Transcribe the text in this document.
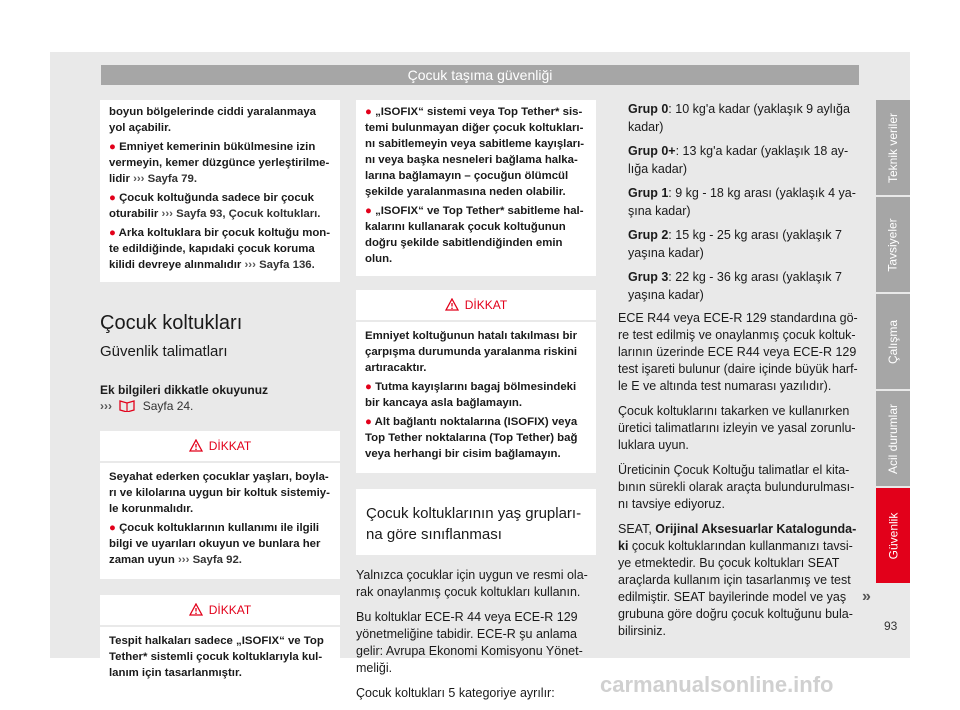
Çocuk taşıma güvenliği

boyun bölgelerinde ciddi yaralanmaya yol açabilir.

● Emniyet kemerinin bükülmesine izin vermeyin, kemer düzgünce yerleştirilme-lidir ››› Sayfa 79.

● Çocuk koltuğunda sadece bir çocuk oturabilir ››› Sayfa 93, Çocuk koltukları.

● Arka koltuklara bir çocuk koltuğu mon-te edildiğinde, kapıdaki çocuk koruma kilidi devreye alınmalıdır ››› Sayfa 136.

Çocuk koltukları
Güvenlik talimatları

Ek bilgileri dikkatle okuyunuz
›››	Sayfa 24.

DİKKAT

Seyahat ederken çocuklar yaşları, boyla-rı ve kilolarına uygun bir koltuk sistemiy-le korunmalıdır.

● Çocuk koltuklarının kullanımı ile ilgili bilgi ve uyarıları okuyun ve bunlara her zaman uyun ››› Sayfa 92.

DİKKAT

Tespit halkaları sadece „ISOFIX“ ve Top Tether* sistemli çocuk koltuklarıyla kul-lanım için tasarlanmıştır.

● „ISOFIX“ sistemi veya Top Tether* sis-temi bulunmayan diğer çocuk koltukları-nı sabitlemeyin veya sabitleme kayışları-nı veya başka nesneleri bağlama halka-larına bağlamayın – çocuğun ölümcül şekilde yaralanmasına neden olabilir.

● „ISOFIX“ ve Top Tether* sabitleme hal-kalarını kullanarak çocuk koltuğunun doğru şekilde sabitlendiğinden emin olun.

DİKKAT

Emniyet koltuğunun hatalı takılması bir çarpışma durumunda yaralanma riskini artıracaktır.

● Tutma kayışlarını bagaj bölmesindeki bir kancaya asla bağlamayın.

● Alt bağlantı noktalarına (ISOFIX) veya Top Tether noktalarına (Top Tether) bağ veya herhangi bir cisim bağlamayın.

Çocuk koltuklarının yaş grupları-na göre sınıflanması

Yalnızca çocuklar için uygun ve resmi ola-rak onaylanmış çocuk koltukları kullanın.

Bu koltuklar ECE-R 44 veya ECE-R 129 yönetmeliğine tabidir. ECE-R şu anlama gelir: Avrupa Ekonomi Komisyonu Yönet-meliği.

Çocuk koltukları 5 kategoriye ayrılır:

Grup 0: 10 kg'a kadar (yaklaşık 9 aylığa kadar)

Grup 0+: 13 kg'a kadar (yaklaşık 18 ay-lığa kadar)

Grup 1: 9 kg - 18 kg arası (yaklaşık 4 ya-şına kadar)

Grup 2: 15 kg - 25 kg arası (yaklaşık 7 yaşına kadar)

Grup 3: 22 kg - 36 kg arası (yaklaşık 7 yaşına kadar)

ECE R44 veya ECE-R 129 standardına gö-re test edilmiş ve onaylanmış çocuk koltuk-larının üzerinde ECE R44 veya ECE-R 129 test işareti bulunur (daire içinde büyük harf-le E ve altında test numarası yazılıdır).

Çocuk koltuklarını takarken ve kullanırken üretici talimatlarını izleyin ve yasal zorunlu-luklara uyun.

Üreticinin Çocuk Koltuğu talimatlar el kita-bının sürekli olarak araçta bulundurulması-nı tavsiye ediyoruz.

SEAT, Orijinal Aksesuarlar Katalogunda-ki çocuk koltuklarından kullanmanızı tavsi-ye etmektedir. Bu çocuk koltukları SEAT araçlarda kullanım için tasarlanmış ve test edilmiştir. SEAT bayilerinde model ve yaş grubuna göre doğru çocuk koltuğunu bula-bilirsiniz.

Teknik veriler
Tavsiyeler
Çalışma
Acil durumlar
Güvenlik
»
93
carmanualsonline.info
